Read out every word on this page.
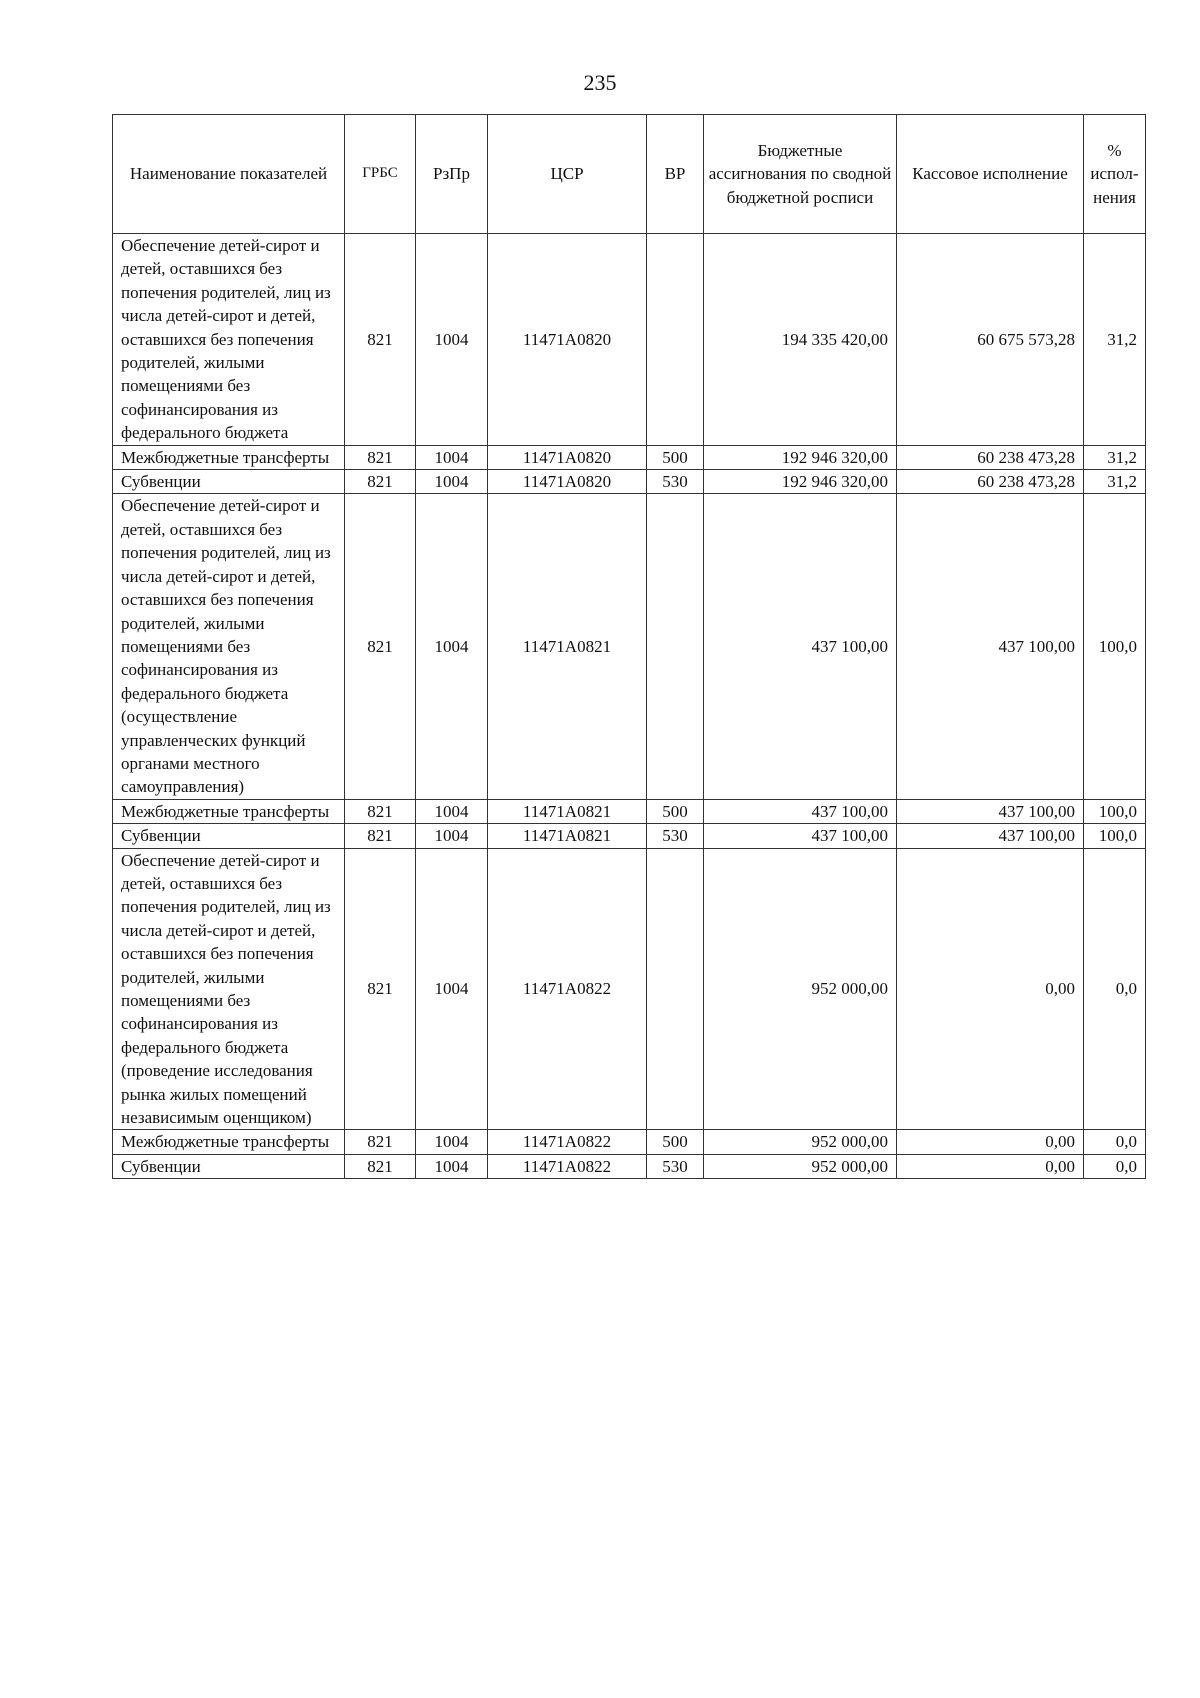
235
Наименование показателей	ГРБС	РзПр	ЦСР	ВР	Бюджетные ассигнования по сводной бюджетной росписи	Кассовое исполнение	% испол- нения
Обеспечение детей-сирот и детей, оставшихся без попечения родителей, лиц из числа детей-сирот и детей, оставшихся без попечения родителей, жилыми помещениями без софинансирования из федерального бюджета	821	1004	11471А0820		194 335 420,00	60 675 573,28	31,2
Межбюджетные трансферты	821	1004	11471А0820	500	192 946 320,00	60 238 473,28	31,2
Субвенции	821	1004	11471А0820	530	192 946 320,00	60 238 473,28	31,2
Обеспечение детей-сирот и детей, оставшихся без попечения родителей, лиц из числа детей-сирот и детей, оставшихся без попечения родителей, жилыми помещениями без софинансирования из федерального бюджета (осуществление управленческих функций органами местного самоуправления)	821	1004	11471А0821		437 100,00	437 100,00	100,0
Межбюджетные трансферты	821	1004	11471А0821	500	437 100,00	437 100,00	100,0
Субвенции	821	1004	11471А0821	530	437 100,00	437 100,00	100,0
Обеспечение детей-сирот и детей, оставшихся без попечения родителей, лиц из числа детей-сирот и детей, оставшихся без попечения родителей, жилыми помещениями без софинансирования из федерального бюджета (проведение исследования рынка жилых помещений независимым оценщиком)	821	1004	11471А0822		952 000,00	0,00	0,0
Межбюджетные трансферты	821	1004	11471А0822	500	952 000,00	0,00	0,0
Субвенции	821	1004	11471А0822	530	952 000,00	0,00	0,0
